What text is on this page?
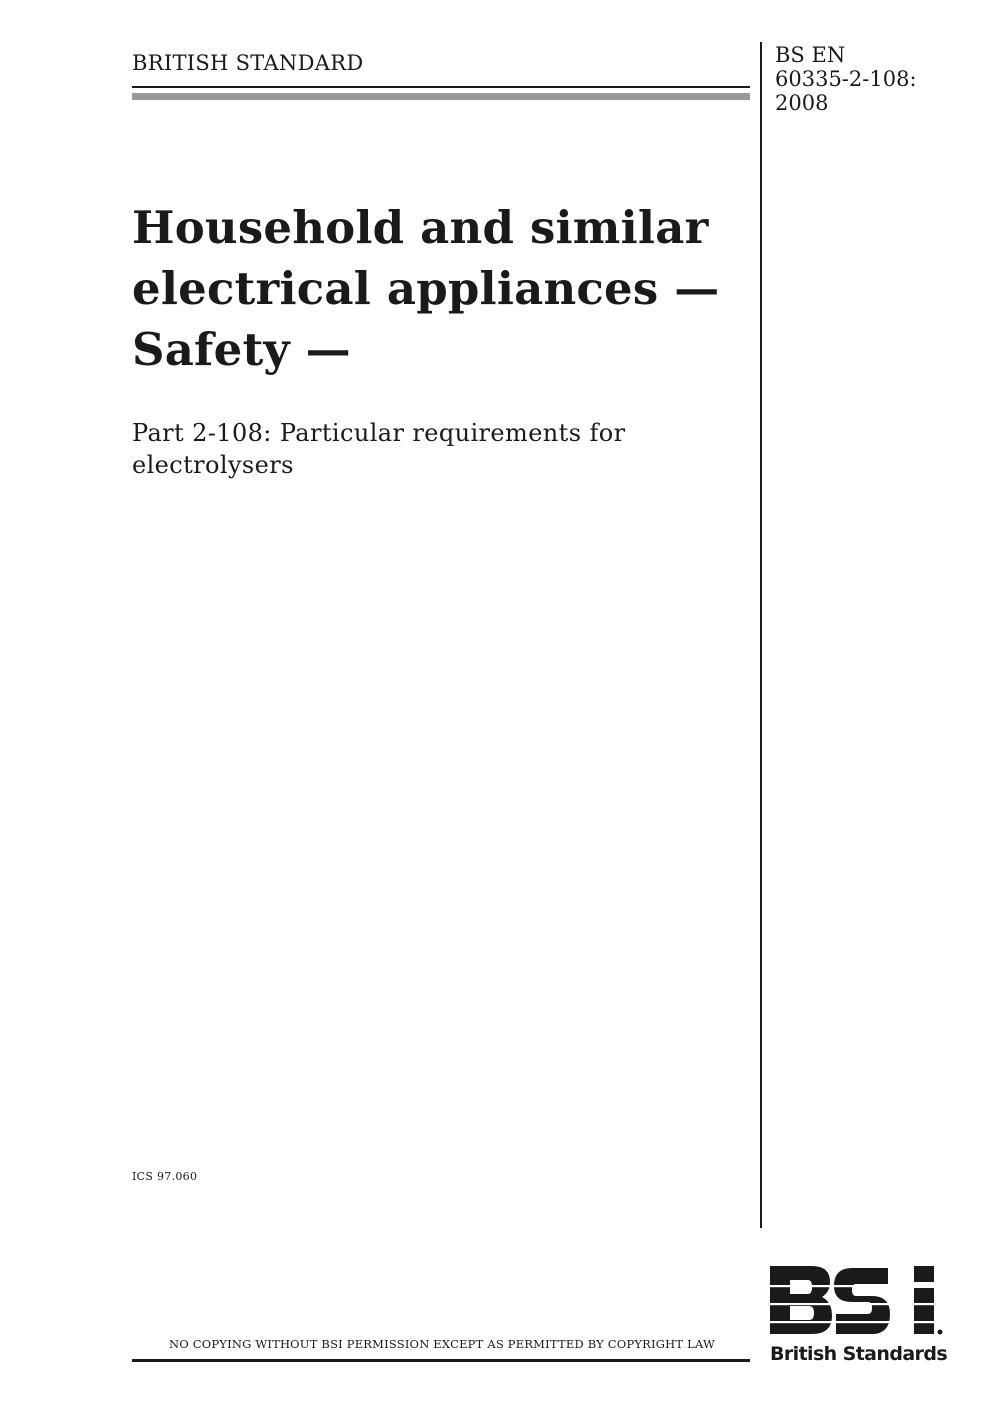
BRITISH STANDARD	BS EN
60335-2-108:
2008
Household and similar
electrical appliances —
Safety —
Part 2-108: Particular requirements for
electrolysers
ICS 97.060
NO COPYING WITHOUT BSI PERMISSION EXCEPT AS PERMITTED BY COPYRIGHT LAW	British Standards
